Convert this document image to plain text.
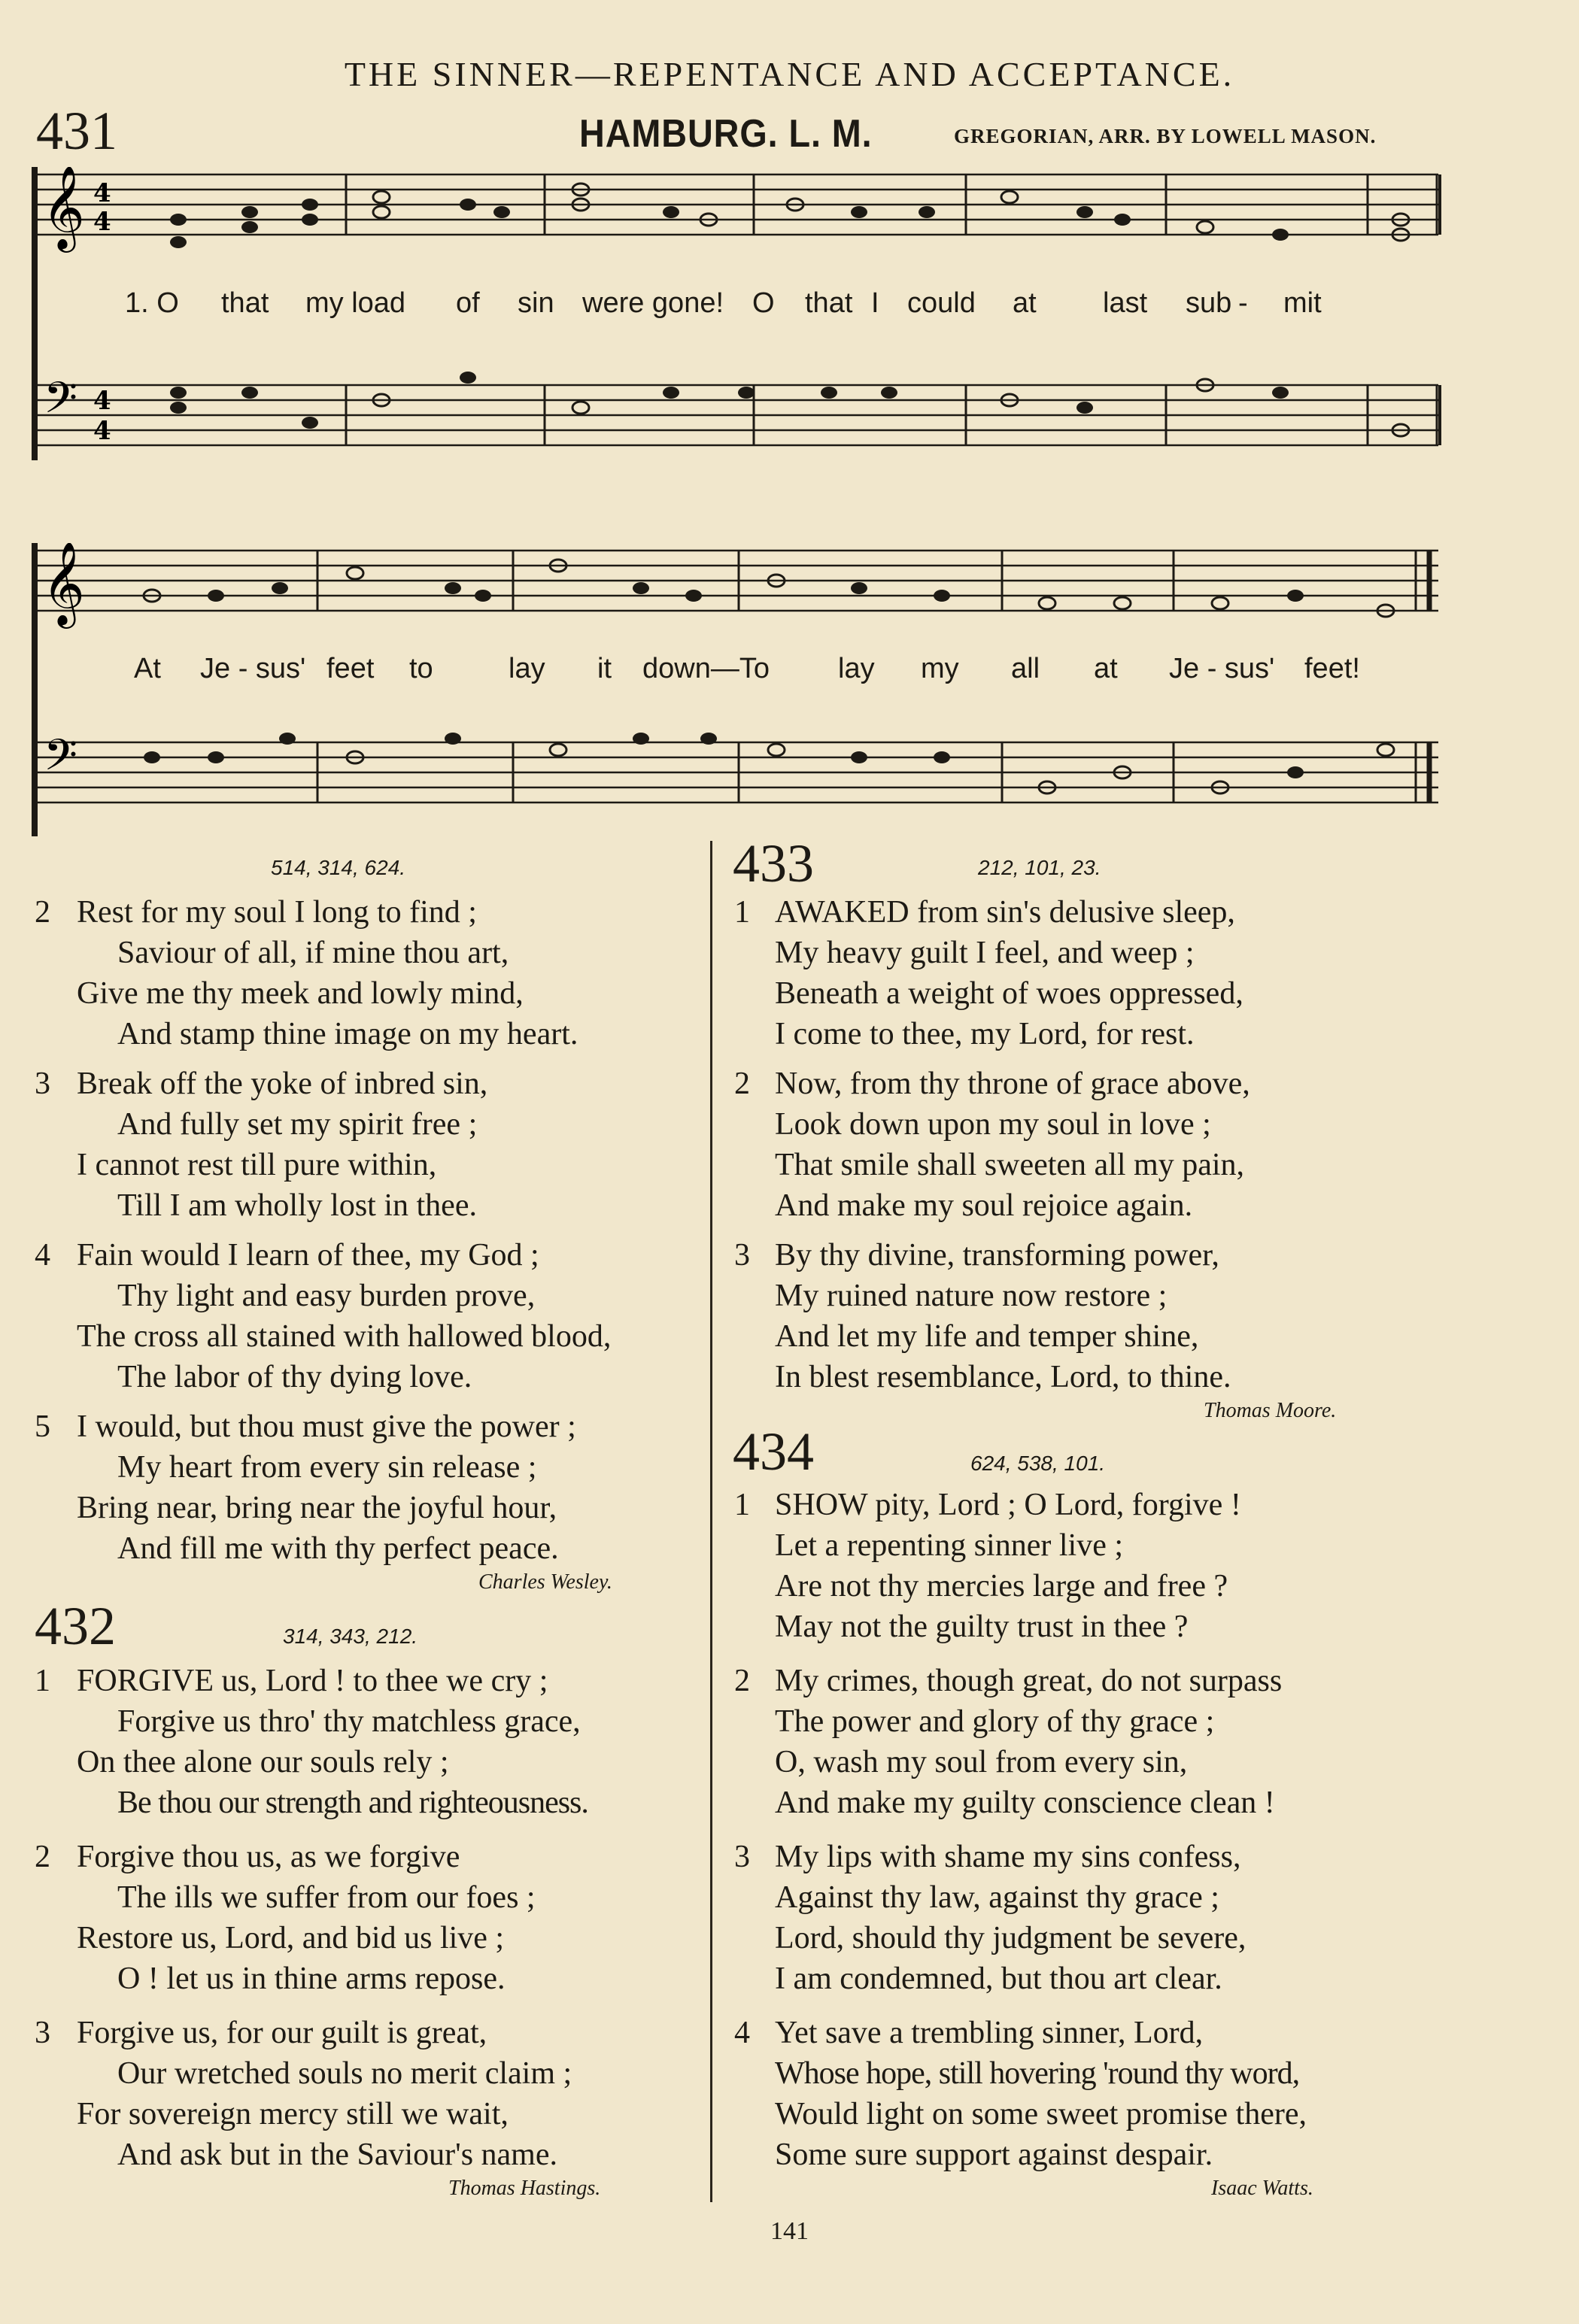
THE SINNER—REPENTANCE AND ACCEPTANCE.
431	HAMBURG. L. M.	GREGORIAN, ARR. BY LOWELL MASON.
𝄞 4
4
𝄢 4
4
1. O	that	my load	of	sin were gone! O	that I could	at	last	sub -	mit
𝄞
𝄢
At	Je - sus' feet	to	lay	it	down—To	lay	my	all	at	Je - sus'	feet!
514, 314, 624.
2 Rest for my soul I long to find ;
Saviour of all, if mine thou art,
Give me thy meek and lowly mind,
And stamp thine image on my heart.
3 Break off the yoke of inbred sin,
And fully set my spirit free ;
I cannot rest till pure within,
Till I am wholly lost in thee.
4 Fain would I learn of thee, my God ;
Thy light and easy burden prove,
The cross all stained with hallowed blood,
The labor of thy dying love.
5 I would, but thou must give the power ;
My heart from every sin release ;
Bring near, bring near the joyful hour,
And fill me with thy perfect peace.
Charles Wesley.
432	314, 343, 212.
1 FORGIVE us, Lord ! to thee we cry ;
Forgive us thro' thy matchless grace,
On thee alone our souls rely ;
Be thou our strength and righteousness.
2 Forgive thou us, as we forgive
The ills we suffer from our foes ;
Restore us, Lord, and bid us live ;
O ! let us in thine arms repose.
3 Forgive us, for our guilt is great,
Our wretched souls no merit claim ;
For sovereign mercy still we wait,
And ask but in the Saviour's name.
Thomas Hastings.
433	212, 101, 23.
1 AWAKED from sin's delusive sleep,
My heavy guilt I feel, and weep ;
Beneath a weight of woes oppressed,
I come to thee, my Lord, for rest.
2 Now, from thy throne of grace above,
Look down upon my soul in love ;
That smile shall sweeten all my pain,
And make my soul rejoice again.
3 By thy divine, transforming power,
My ruined nature now restore ;
And let my life and temper shine,
In blest resemblance, Lord, to thine.
Thomas Moore.
434	624, 538, 101.
1 SHOW pity, Lord ; O Lord, forgive !
Let a repenting sinner live ;
Are not thy mercies large and free ?
May not the guilty trust in thee ?
2 My crimes, though great, do not surpass
The power and glory of thy grace ;
O, wash my soul from every sin,
And make my guilty conscience clean !
3 My lips with shame my sins confess,
Against thy law, against thy grace ;
Lord, should thy judgment be severe,
I am condemned, but thou art clear.
4 Yet save a trembling sinner, Lord,
Whose hope, still hovering 'round thy word,
Would light on some sweet promise there,
Some sure support against despair.
Isaac Watts.
141
